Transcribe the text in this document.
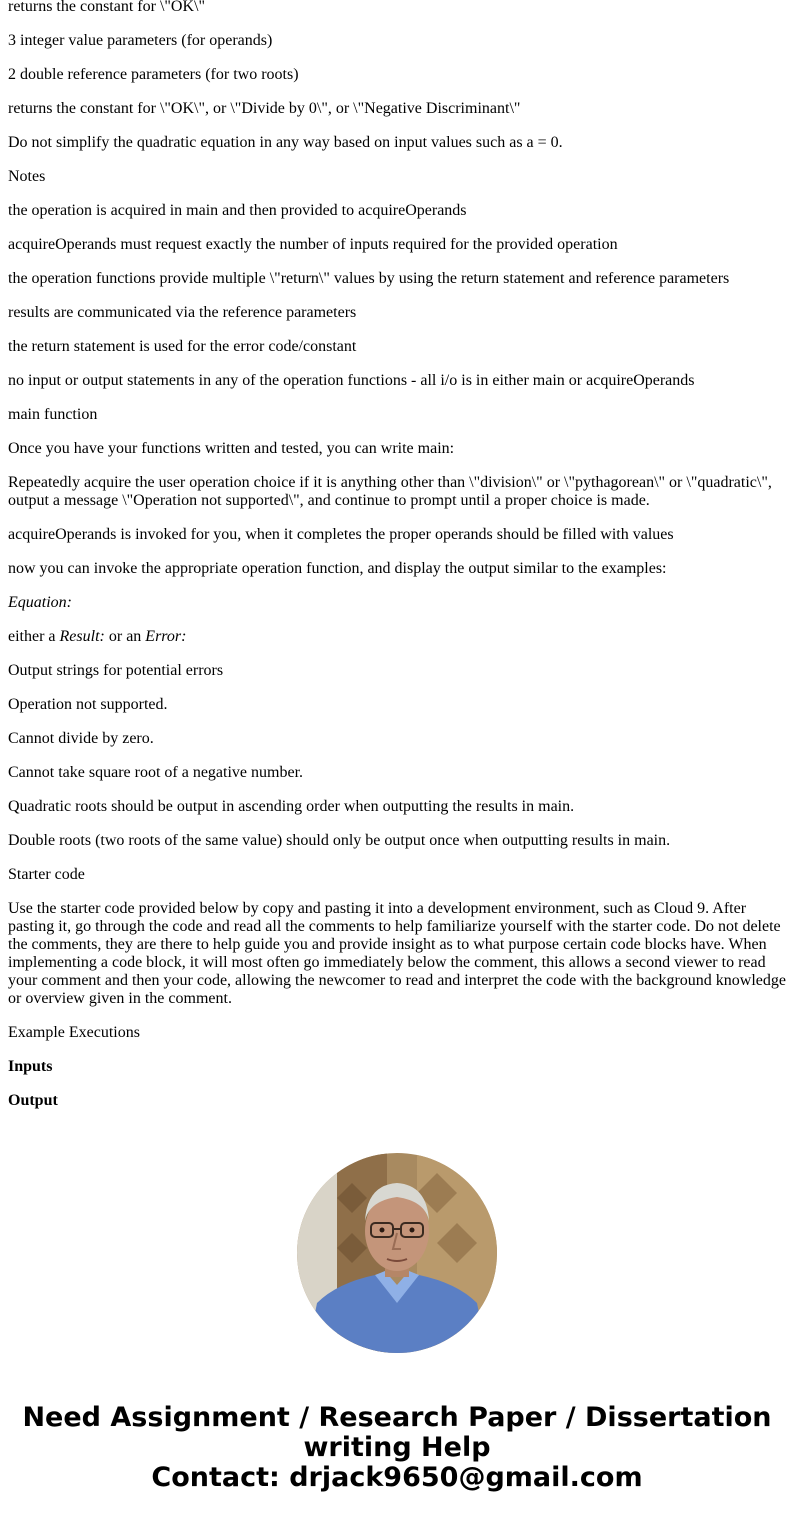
returns the constant for \"OK\"

3 integer value parameters (for operands)

2 double reference parameters (for two roots)

returns the constant for \"OK\", or \"Divide by 0\", or \"Negative Discriminant\"

Do not simplify the quadratic equation in any way based on input values such as a = 0.

Notes

the operation is acquired in main and then provided to acquireOperands

acquireOperands must request exactly the number of inputs required for the provided operation

the operation functions provide multiple \"return\" values by using the return statement and reference parameters

results are communicated via the reference parameters

the return statement is used for the error code/constant

no input or output statements in any of the operation functions - all i/o is in either main or acquireOperands

main function

Once you have your functions written and tested, you can write main:

Repeatedly acquire the user operation choice if it is anything other than \"division\" or \"pythagorean\" or \"quadratic\", output a message \"Operation not supported\", and continue to prompt until a proper choice is made.

acquireOperands is invoked for you, when it completes the proper operands should be filled with values

now you can invoke the appropriate operation function, and display the output similar to the examples:

Equation:

either a Result: or an Error:

Output strings for potential errors

Operation not supported.

Cannot divide by zero.

Cannot take square root of a negative number.

Quadratic roots should be output in ascending order when outputting the results in main.

Double roots (two roots of the same value) should only be output once when outputting results in main.

Starter code

Use the starter code provided below by copy and pasting it into a development environment, such as Cloud 9. After pasting it, go through the code and read all the comments to help familiarize yourself with the starter code. Do not delete the comments, they are there to help guide you and provide insight as to what purpose certain code blocks have. When implementing a code block, it will most often go immediately below the comment, this allows a second viewer to read your comment and then your code, allowing the newcomer to read and interpret the code with the background knowledge or overview given in the comment.

Example Executions

Inputs

Output

Need Assignment / Research Paper / Dissertation
writing Help
Contact: drjack9650@gmail.com
